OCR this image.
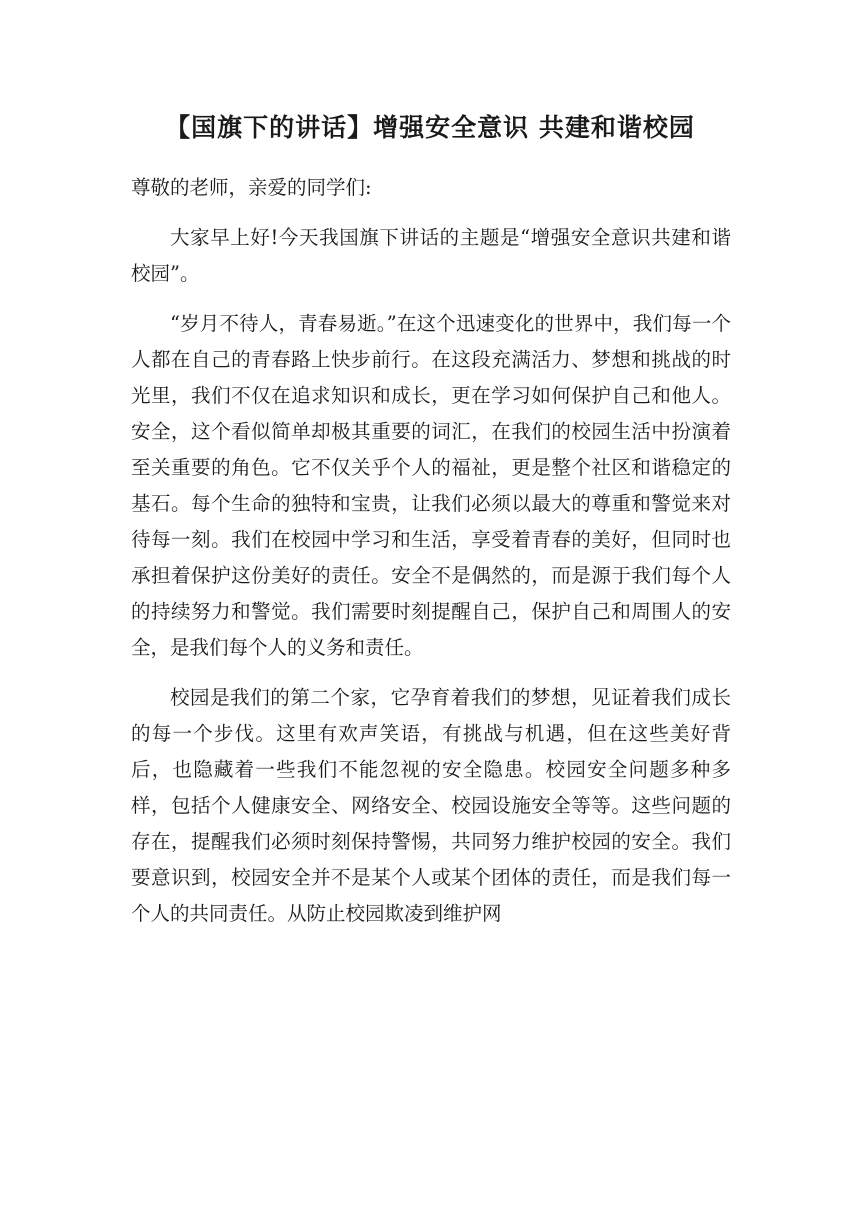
【国旗下的讲话】增强安全意识 共建和谐校园

尊敬的老师，亲爱的同学们:

大家早上好!今天我国旗下讲话的主题是“增强安全意识共建和谐校园”。

“岁月不待人，青春易逝。”在这个迅速变化的世界中，我们每一个人都在自己的青春路上快步前行。在这段充满活力、梦想和挑战的时光里，我们不仅在追求知识和成长，更在学习如何保护自己和他人。安全，这个看似简单却极其重要的词汇，在我们的校园生活中扮演着至关重要的角色。它不仅关乎个人的福祉，更是整个社区和谐稳定的基石。每个生命的独特和宝贵，让我们必须以最大的尊重和警觉来对待每一刻。我们在校园中学习和生活，享受着青春的美好，但同时也承担着保护这份美好的责任。安全不是偶然的，而是源于我们每个人的持续努力和警觉。我们需要时刻提醒自己，保护自己和周围人的安全，是我们每个人的义务和责任。

校园是我们的第二个家，它孕育着我们的梦想，见证着我们成长的每一个步伐。这里有欢声笑语，有挑战与机遇，但在这些美好背后，也隐藏着一些我们不能忽视的安全隐患。校园安全问题多种多样，包括个人健康安全、网络安全、校园设施安全等等。这些问题的存在，提醒我们必须时刻保持警惕，共同努力维护校园的安全。我们要意识到，校园安全并不是某个人或某个团体的责任，而是我们每一个人的共同责任。从防止校园欺凌到维护网
